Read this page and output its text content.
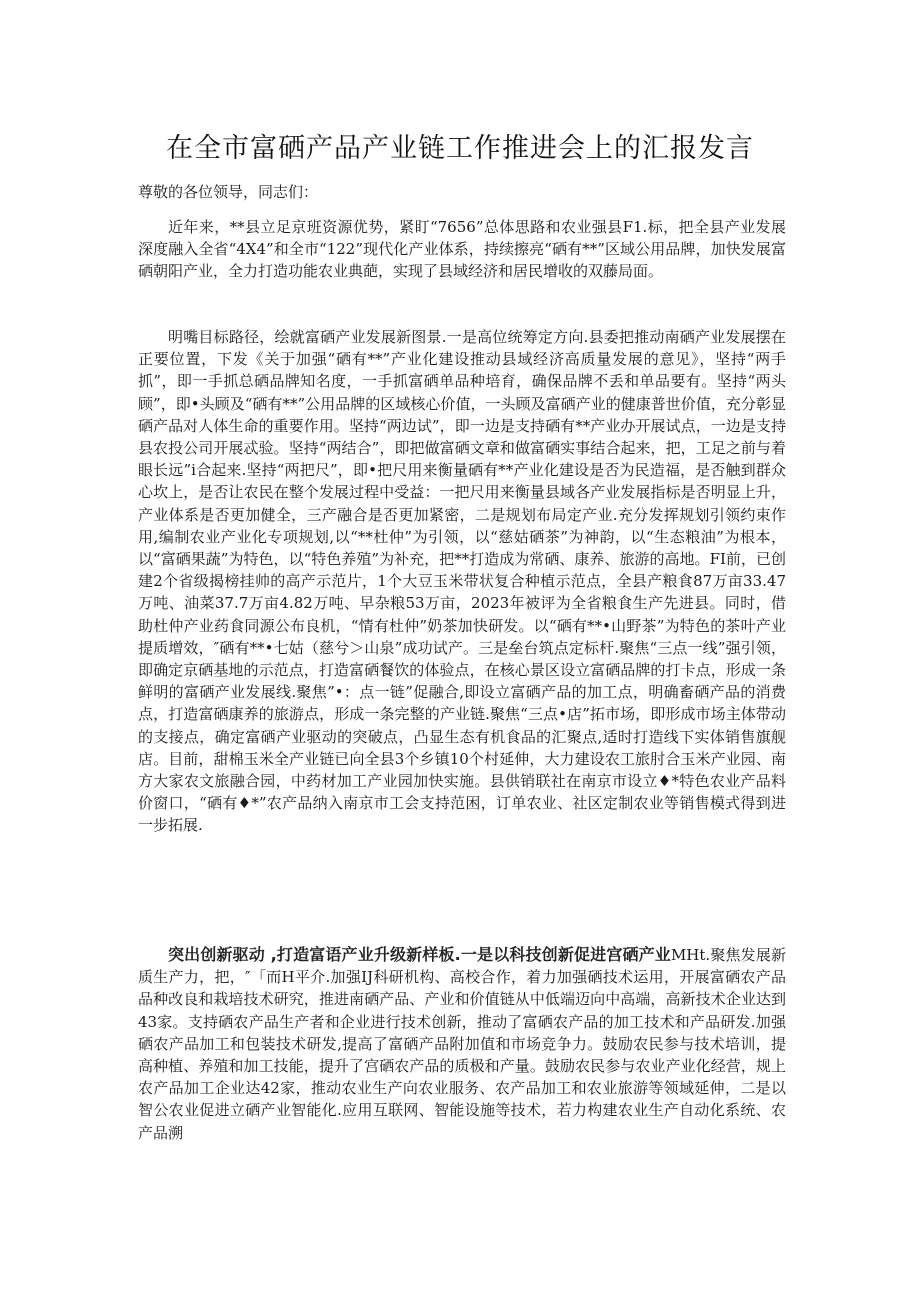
在全市富硒产品产业链工作推进会上的汇报发言

尊敬的各位领导，同志们：

近年来，**县立足京班资源优势，紧盯“7656”总体思路和农业强县F1.标，把全县产业发展深度融入全省“4X4”和全市“122”现代化产业体系，持续擦亮“硒有**”区域公用品牌，加快发展富硒朝阳产业，全力打造功能农业典葩，实现了县域经济和居民增收的双藤局面。

明嘴目标路径，绘就富硒产业发展新图景.一是高位统筹定方向.县委把推动南硒产业发展摆在正要位置，下发《关于加强“硒有**”产业化建设推动县域经济高质量发展的意见》，坚持“两手抓”，即一手抓总硒品牌知名度，一手抓富硒单品种培育，确保品牌不丢和单品要有。坚持“两头顾”，即•头顾及“硒有**”公用品牌的区域核心价值，一头顾及富硒产业的健康普世价值，充分彰显硒产品对人体生命的重要作用。坚持“两边试”，即一边是支持硒有**产业办开展试点，一边是支持县农投公司开展忒验。坚持“两结合”，即把做富硒文章和做富硒实事结合起来，把，工足之前与着眼长远”i合起来.坚持“两把尺”，即•把尺用来衡量硒有**产业化建设是否为民造福，是否触到群众心坎上，是否让农民在整个发展过程中受益：一把尺用来衡量县域各产业发展指标是否明显上升，产业体系是否更加健全，三产融合是否更加紧密，二是规划布局定产业.充分发挥规划引领约束作用,编制农业产业化专项规划,以“**杜仲”为引领，以“慈姑硒茶”为神韵，以“生态粮油”为根本，以“富硒果蔬”为特色，以“特色养殖”为补充，把**打造成为常硒、康养、旅游的高地。FI前，已创建2个省级揭榜挂帅的高产示范片，1个大豆玉米带状复合种植示范点，全县产粮食87万亩33.47万吨、油菜37.7万亩4.82万吨、早杂粮53万亩，2023年被评为全省粮食生产先进县。同时，借助杜仲产业药食同源公布良机，“情有杜仲”奶茶加快研发。以“硒有**•山野茶”为特色的茶叶产业提质增效，″硒有**•七姑（慈兮＞山泉”成功试产。三是垒台筑点定标杆.聚焦“三点一线”强引领，即确定京硒基地的示范点，打造富硒餐饮的体验点，在核心景区设立富硒品牌的打卡点，形成一条鲜明的富硒产业发展线.聚焦”•：点一链”促融合,即设立富硒产品的加工点，明确畜硒产品的消费点，打造富硒康养的旅游点，形成一条完整的产业链.聚焦“三点•店”拓市场，即形成市场主体带动的支接点，确定富硒产业驱动的突破点，凸显生态有机食品的汇聚点,适时打造线下实体销售旗舰店。目前，甜棉玉米全产业链已向全县3个乡镇10个村延伸，大力建设农工旅肘合玉米产业园、南方大家农文旅融合园，中药材加工产业园加快实施。县供销联社在南京市设立♦*特色农业产品料价窗口，“硒有♦*”农产品纳入南京市工会支持范困，订单农业、社区定制农业等销售模式得到进一步拓展.

突出创新驱动 ,打造富语产业升级新样板.一是以科技创新促进宫硒产业MHt.聚焦发展新质生产力，把，″「而H平介.加强IJ科研机构、高校合作，着力加强硒技术运用，开展富硒农产品品种改良和栽培技术研究，推进南硒产品、产业和价值链从中低端迈向中高端，高新技术企业达到43家。支持硒农产品生产者和企业进行技术创新，推动了富硒农产品的加工技术和产品研发.加强硒农产品加工和包装技术研发,提高了富硒产品附加值和市场竞争力。鼓励农民参与技术培训，提高种植、养殖和加工技能，提升了宫硒农产品的质极和产量。鼓励农民参与农业产业化经营，规上农产品加工企业达42家，推动农业生产向农业服务、农产品加工和农业旅游等领域延伸，二是以智公农业促进立硒产业智能化.应用互联网、智能设施等技术，若力构建农业生产自动化系统、农产品溯
